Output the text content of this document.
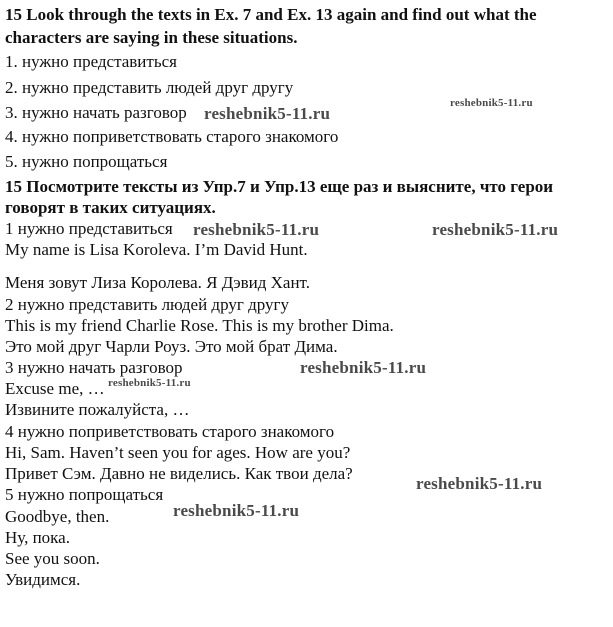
15 Look through the texts in Ex. 7 and Ex. 13 again and find out what the
characters are saying in these situations.
1. нужно представиться
2. нужно представить людей друг другу
3. нужно начать разговор
4. нужно поприветствовать старого знакомого
5. нужно попрощаться
15 Посмотрите тексты из Упр.7 и Упр.13 еще раз и выясните, что герои
говорят в таких ситуациях.
1 нужно представиться
My name is Lisa Koroleva. I’m David Hunt.
Меня зовут Лиза Королева. Я Дэвид Хант.
2 нужно представить людей друг другу
This is my friend Charlie Rose. This is my brother Dima.
Это мой друг Чарли Роуз. Это мой брат Дима.
3 нужно начать разговор
Excuse me, …
Извините пожалуйста, …
4 нужно поприветствовать старого знакомого
Hi, Sam. Haven’t seen you for ages. How are you?
Привет Сэм. Давно не виделись. Как твои дела?
5 нужно попрощаться
Goodbye, then.
Ну, пока.
See you soon.
Увидимся.
reshebnik5-11.ru
reshebnik5-11.ru
reshebnik5-11.ru	reshebnik5-11.ru
reshebnik5-11.ru
reshebnik5-11.ru
reshebnik5-11.ru
reshebnik5-11.ru
